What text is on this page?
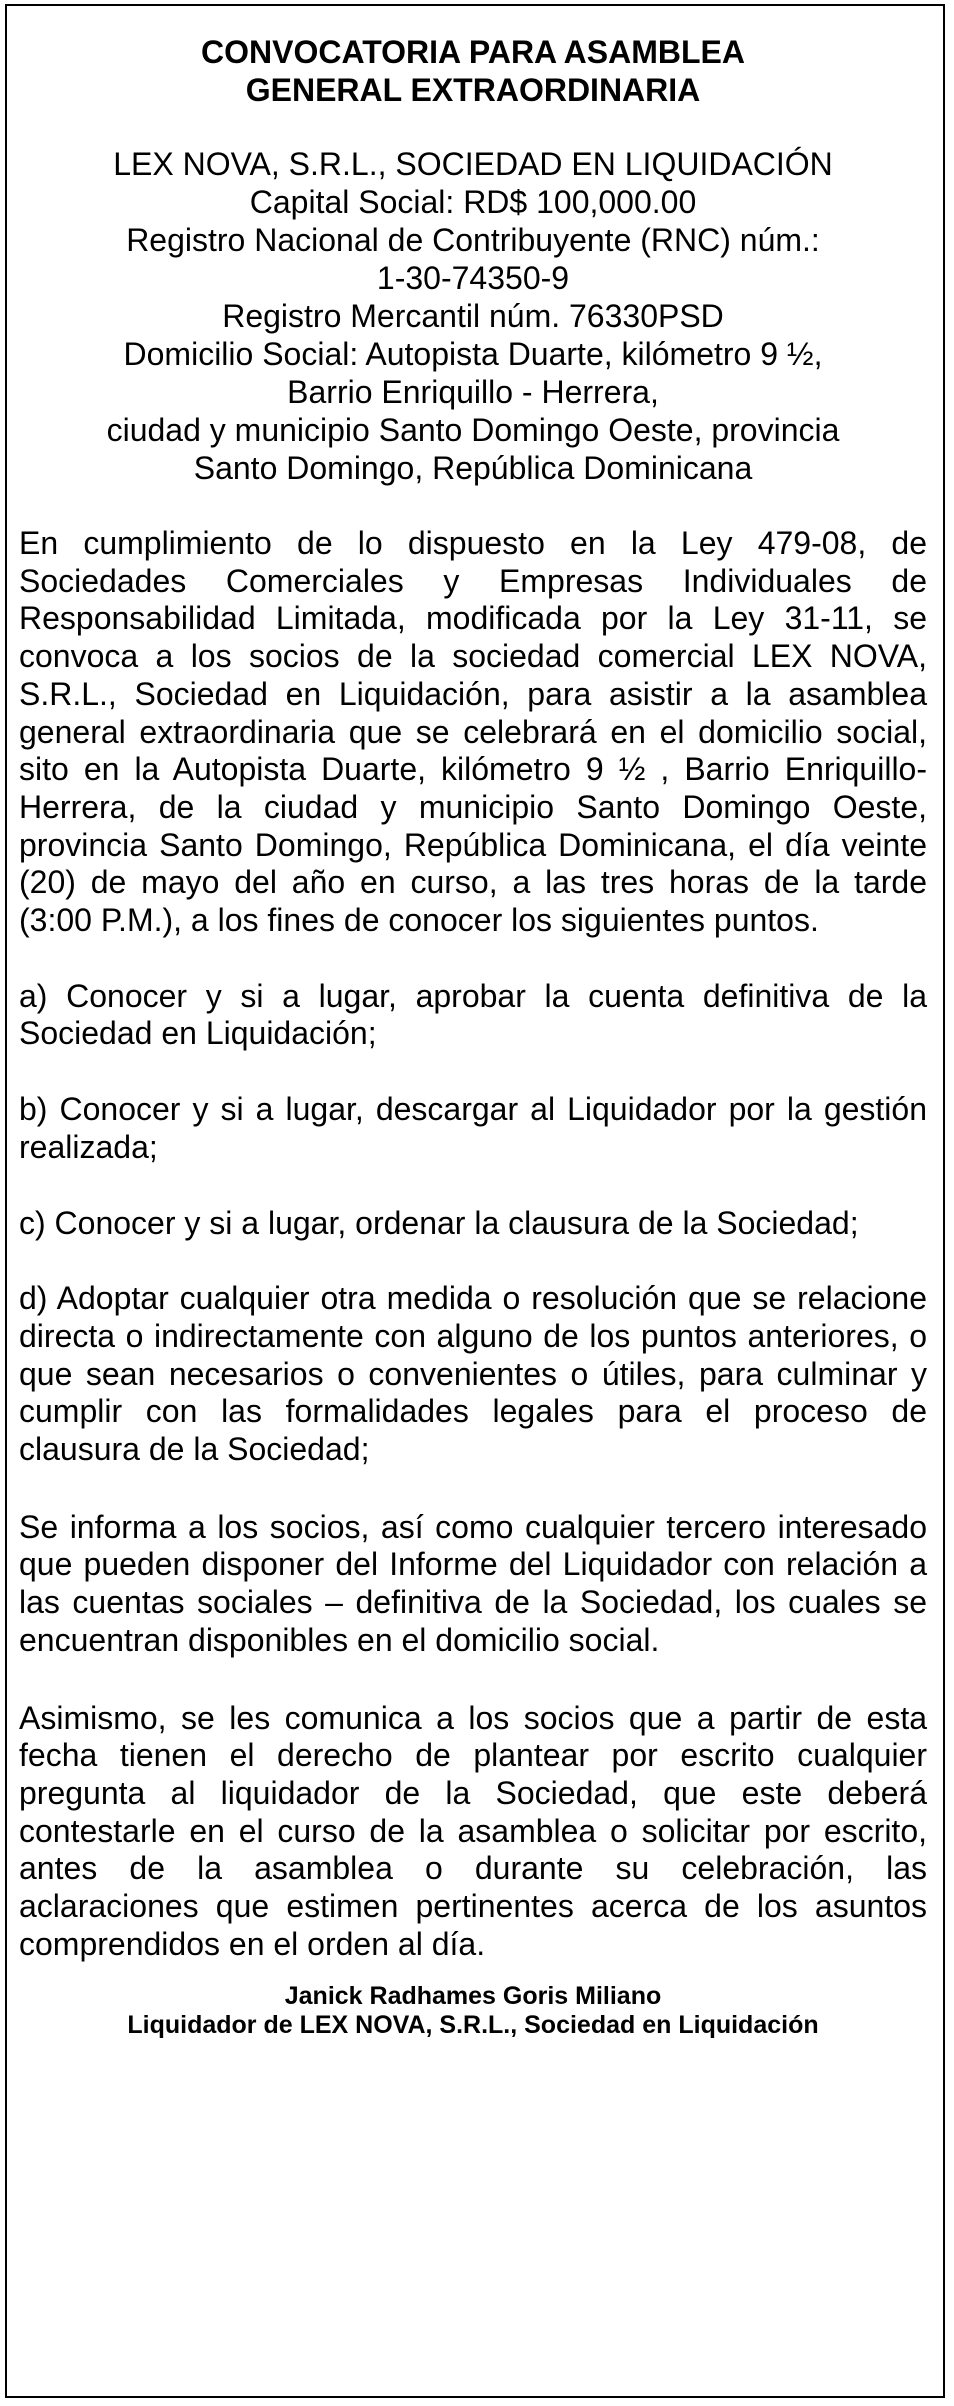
CONVOCATORIA PARA ASAMBLEA
GENERAL EXTRAORDINARIA
LEX NOVA, S.R.L., SOCIEDAD EN LIQUIDACIÓN
Capital Social: RD$ 100,000.00
Registro Nacional de Contribuyente (RNC) núm.:
1-30-74350-9
Registro Mercantil núm. 76330PSD
Domicilio Social: Autopista Duarte, kilómetro 9 ½,
Barrio Enriquillo - Herrera,
ciudad y municipio Santo Domingo Oeste, provincia
Santo Domingo, República Dominicana

En cumplimiento de lo dispuesto en la Ley 479-08, de Sociedades Comerciales y Empresas Individuales de Responsabilidad Limitada, modificada por la Ley 31-11, se convoca a los socios de la sociedad comercial LEX NOVA, S.R.L., Sociedad en Liquidación, para asistir a la asamblea general extraordinaria que se celebrará en el domicilio social, sito en la Autopista Duarte, kilómetro 9 ½ , Barrio Enriquillo-Herrera, de la ciudad y municipio Santo Domingo Oeste, provincia Santo Domingo, República Dominicana, el día veinte (20) de mayo del año en curso, a las tres horas de la tarde (3:00 P.M.), a los fines de conocer los siguientes puntos.

a) Conocer y si a lugar, aprobar la cuenta definitiva de la Sociedad en Liquidación;

b) Conocer y si a lugar, descargar al Liquidador por la gestión realizada;

c) Conocer y si a lugar, ordenar la clausura de la Sociedad;

d) Adoptar cualquier otra medida o resolución que se relacione directa o indirectamente con alguno de los puntos anteriores, o que sean necesarios o convenientes o útiles, para culminar y cumplir con las formalidades legales para el proceso de clausura de la Sociedad;

Se informa a los socios, así como cualquier tercero interesado que pueden disponer del Informe del Liquidador con relación a las cuentas sociales – definitiva de la Sociedad, los cuales se encuentran disponibles en el domicilio social.

Asimismo, se les comunica a los socios que a partir de esta fecha tienen el derecho de plantear por escrito cualquier pregunta al liquidador de la Sociedad, que este deberá contestarle en el curso de la asamblea o solicitar por escrito, antes de la asamblea o durante su celebración, las aclaraciones que estimen pertinentes acerca de los asuntos comprendidos en el orden al día.

Janick Radhames Goris Miliano
Liquidador de LEX NOVA, S.R.L., Sociedad en Liquidación
